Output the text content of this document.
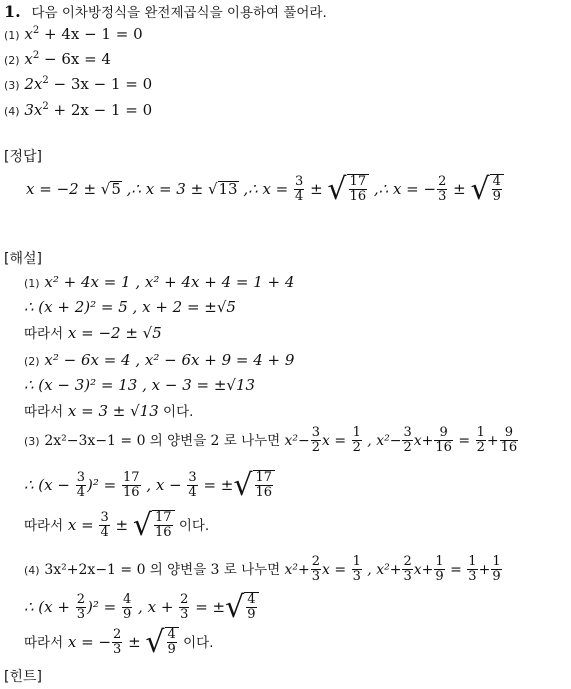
1. 다음 이차방정식을 완전제곱식을 이용하여 풀어라.
(1) $x^2 + 4x - 1 = 0$
(2) $x^2 - 6x = 4$
(3) $2x^2 - 3x - 1 = 0$
(4) $3x^2 + 2x - 1 = 0$
[정답]
x = −2 ± √5 ,∴ x = 3 ± √13 ,∴ $x = \frac{3}{4}$ ± √ $\frac{17}{16}$ ,∴ x = − $\frac{2}{3}$ ± √ $\frac{4}{9}$
[해설]
(1) x² + 4x = 1 , x² + 4x + 4 = 1 + 4
∴ (x + 2)² = 5 , x + 2 = ±√5
따라서 x = −2 ± √5
(2) x² − 6x = 4 , x² − 6x + 9 = 4 + 9
∴ (x − 3)² = 13 , x − 3 = ±√13
따라서 x = 3 ± √13 이다.
(3) 2x²−3x−1 = 0 의 양변을 2 로 나누면 $x^2- \frac{3}{2}$ $x = \frac{1}{2}$ , $x^2- \frac{3}{2} x+ \frac{9}{16} = \frac{1}{2} + \frac{9}{16}$
∴ $(x - \frac{3}{4} )^2 = \frac{17}{16}$ , $x - \frac{3}{4}$ = ±√ $\frac{17}{16}$
따라서 $x = \frac{3}{4}$ ± √ $\frac{17}{16}$ 이다.
(4) 3x²+2x−1 = 0 의 양변을 3 로 나누면 $x^2+ \frac{2}{3}$ $x = \frac{1}{3}$ , $x^2+ \frac{2}{3} x+ \frac{1}{9} = \frac{1}{3} + \frac{1}{9}$
∴ $(x + \frac{2}{3} )^2 = \frac{4}{9}$ , $x + \frac{2}{3}$ = ±√ $\frac{4}{9}$
따라서 x = − $\frac{2}{3}$ ± √ $\frac{4}{9}$ 이다.
[힌트]
